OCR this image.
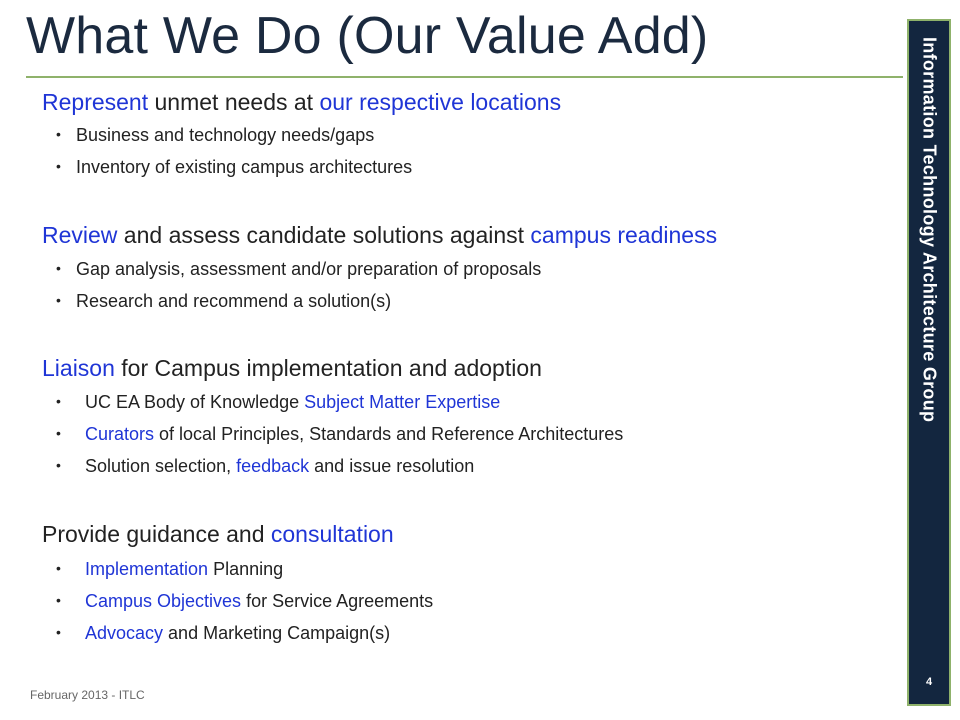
What We Do (Our Value Add)
Represent unmet needs at our respective locations
• Business and technology needs/gaps
• Inventory of existing campus architectures
Review and assess candidate solutions against campus readiness
• Gap analysis, assessment and/or preparation of proposals
• Research and recommend a solution(s)
Liaison for Campus implementation and adoption
• UC EA Body of Knowledge Subject Matter Expertise
• Curators of local Principles, Standards and Reference Architectures
• Solution selection, feedback and issue resolution
Provide guidance and consultation
• Implementation Planning
• Campus Objectives for Service Agreements
• Advocacy and Marketing Campaign(s)
Information Technology Architecture Group
4
February 2013 - ITLC
